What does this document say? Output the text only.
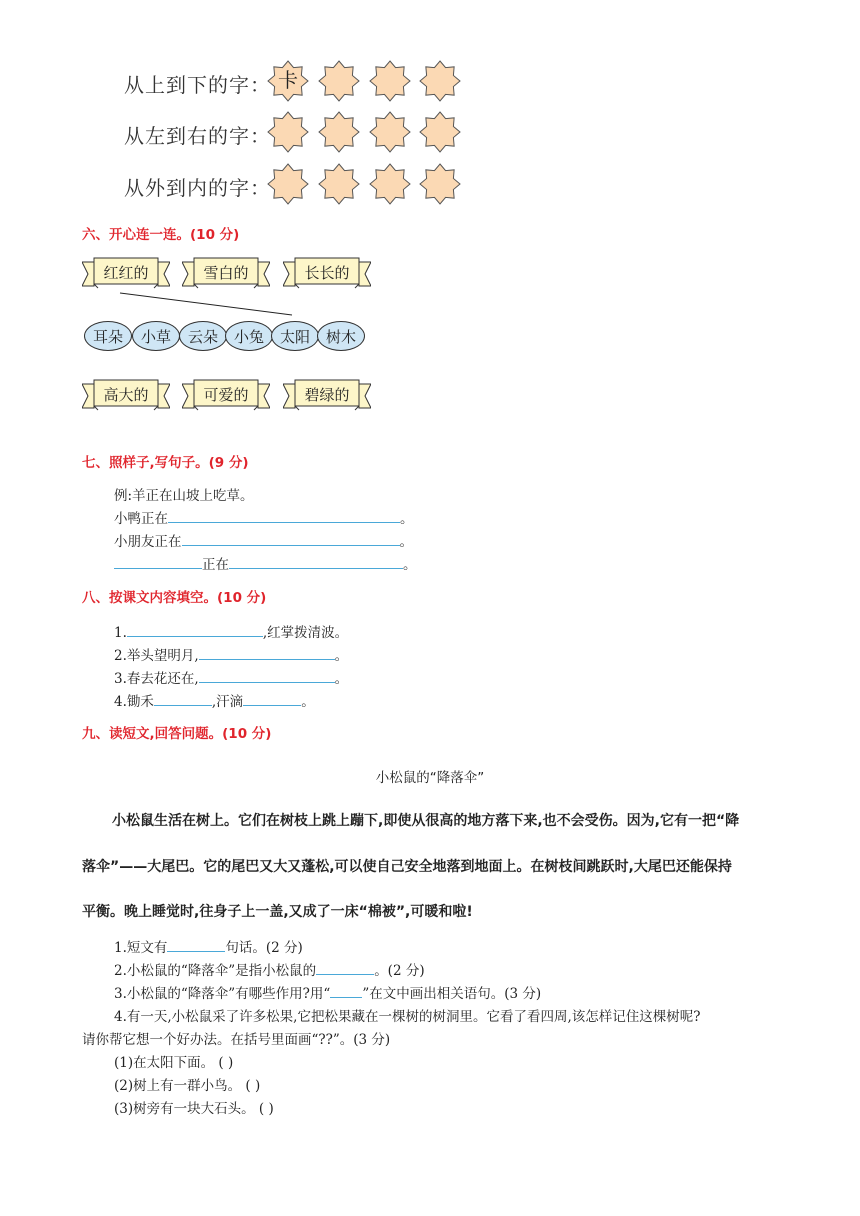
从上到下的字：
从左到右的字：
从外到内的字：
卡
六、开心连一连。(10 分)
红红的	雪白的	长长的
耳朵	小草	云朵	小兔	太阳	树木
高大的	可爱的	碧绿的
七、照样子,写句子。(9 分)
例:羊正在山坡上吃草。
小鸭正在	。
小朋友正在	。
正在	。
八、按课文内容填空。(10 分)
1.	,红掌拨清波。
2.举头望明月,	。
3.春去花还在,	。
4.锄禾	,汗滴	。
九、读短文,回答问题。(10 分)
小松鼠的“降落伞”
小松鼠生活在树上。它们在树枝上跳上蹦下,即使从很高的地方落下来,也不会受伤。因为,它有一把“降
落伞”——大尾巴。它的尾巴又大又蓬松,可以使自己安全地落到地面上。在树枝间跳跃时,大尾巴还能保持
平衡。晚上睡觉时,往身子上一盖,又成了一床“棉被”,可暖和啦!
1.短文有	句话。(2 分)
2.小松鼠的“降落伞”是指小松鼠的	。(2 分)
3.小松鼠的“降落伞”有哪些作用?用“ ”在文中画出相关语句。(3 分)
4.有一天,小松鼠采了许多松果,它把松果藏在一棵树的树洞里。它看了看四周,该怎样记住这棵树呢?
请你帮它想一个好办法。在括号里面画“??”。(3 分)
(1)在太阳下面。 ( )
(2)树上有一群小鸟。 ( )
(3)树旁有一块大石头。 ( )
